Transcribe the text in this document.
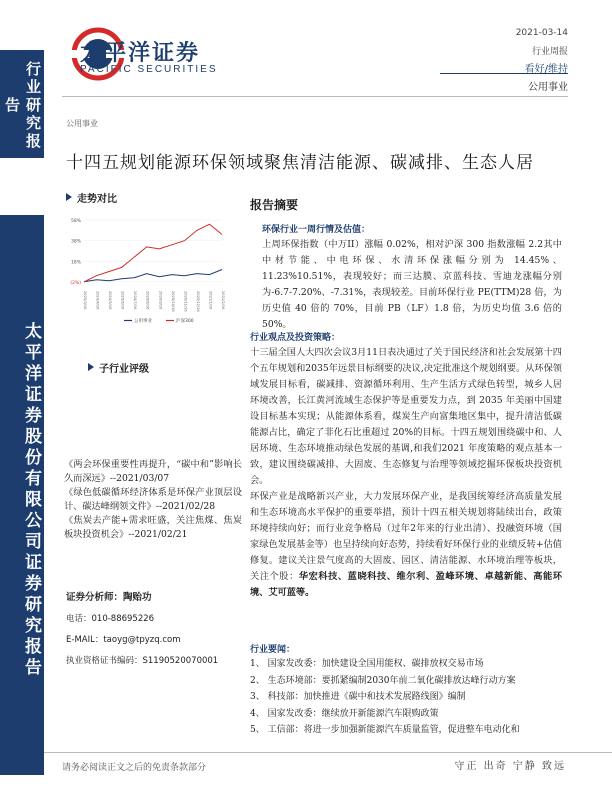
行业研究报告
太平洋证券股份有限公司证券研究报告
太平洋证券
PACIFIC SECURITIES
2021-03-14
行业周报
看好/维持
公用事业
公用事业
十四五规划能源环保领域聚焦清洁能源、碳减排、生态人居
走势对比
58%
38%
18%
(2%)
2020/3/16 2020/4/16 2020/5/16 2020/6/16 2020/7/16 2020/8/16 2020/9/16 2020/10/16 2020/11/16 2020/12/16 2021/1/16 2021/2/16
公用事业	沪深300
子行业评级

《两会环保重要性再提升，“碳中和”影响长久而深远》--2021/03/07

《绿色低碳循环经济体系是环保产业顶层设计、碳达峰纲领文件》--2021/02/28

《焦炭去产能+需求旺盛，关注焦煤、焦炭板块投资机会》--2021/02/21

证券分析师：陶贻功
电话：010-88695226
E-MAIL：taoyg@tpyzq.com
执业资格证书编码：S1190520070001
报告摘要
环保行业一周行情及估值：
上周环保指数（中万II）涨幅 0.02%，相对沪深 300 指数涨幅 2.2其中中材节能、中电环保、水清环保涨幅分别为 14.45%、11.23%10.51%，表现较好；而三达膜、京蓝科技、雪迪龙涨幅分别为-6.7-7.20%、-7.31%，表现较差。目前环保行业 PE(TTM)28 倍，为历史值 40 倍的 70%，目前 PB（LF）1.8 倍，为历史均值 3.6 倍的 50%。
行业观点及投资策略：
十三届全国人大四次会议3月11日表决通过了关于国民经济和社会发展第十四个五年规划和2035年远景目标纲要的决议,决定批准这个规划纲要。从环保领域发展目标看，碳减排、资源循环利用、生产生活方式绿色转型，城乡人居环境改善，长江黄河流域生态保护等是重要发力点，到 2035 年美丽中国建设目标基本实现；从能源体系看，煤炭生产向富集地区集中，提升清洁低碳能源占比，确定了非化石比重超过 20%的目标。十四五规划围绕碳中和、人居环境、生态环境推动绿色发展的基调,和我们2021 年度策略的观点基本一致，建议围绕碳减排、大固废、生态修复与治理等领域挖掘环保板块投资机会。
环保产业是战略新兴产业，大力发展环保产业，是我国统筹经济高质量发展和生态环境高水平保护的重要举措，预计十四五相关规划将陆续出台，政策环境持续向好；而行业竞争格局（过年2年来的行业出清）、投融资环境（国家绿色发展基金等）也呈持续向好态势，持续看好环保行业的业绩反转+估值修复。建议关注景气度高的大固废、园区、清洁能源、水环境治理等板块，关注个股：华宏科技、蓝晓科技、维尔利、盈峰环境、卓越新能、高能环境、艾可蓝等。
行业要闻：
1、 国家发改委：加快建设全国用能权、碳排放权交易市场
2、 生态环境部：要抓紧编制2030年前二氧化碳排放达峰行动方案
3、 科技部：加快推进《碳中和技术发展路线图》编制
4、 国家发改委：继续放开新能源汽车限购政策
5、 工信部：将进一步加强新能源汽车质量监管，促进整车电动化和
请务必阅读正文之后的免责条款部分	守正 出奇 宁静 致远
